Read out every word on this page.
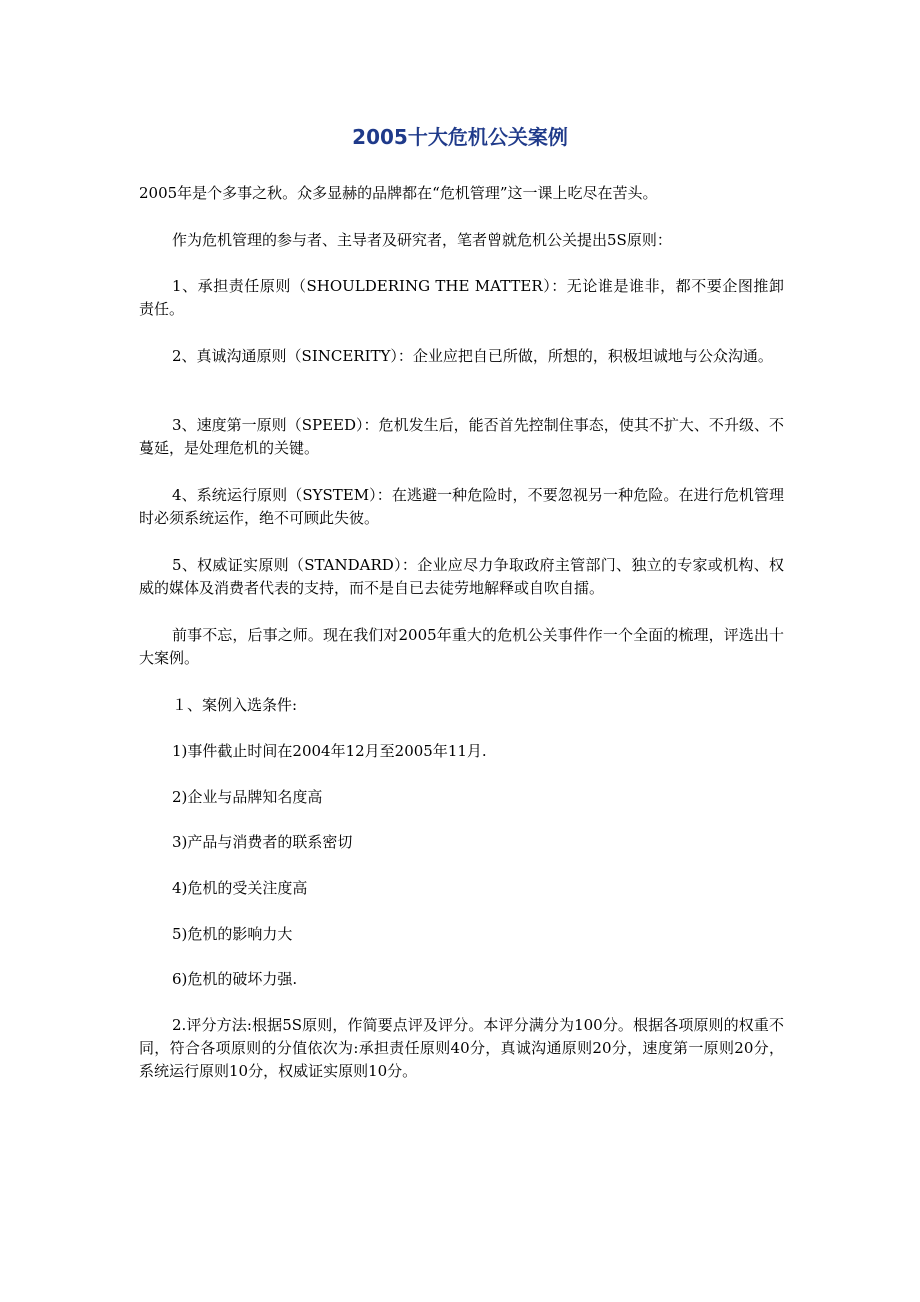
2005十大危机公关案例

2005年是个多事之秋。众多显赫的品牌都在“危机管理”这一课上吃尽在苦头。

作为危机管理的参与者、主导者及研究者，笔者曾就危机公关提出5S原则：

1、承担责任原则（SHOULDERING THE MATTER）：无论谁是谁非，都不要企图推卸责任。

2、真诚沟通原则（SINCERITY）：企业应把自已所做，所想的，积极坦诚地与公众沟通。

3、速度第一原则（SPEED）：危机发生后，能否首先控制住事态，使其不扩大、不升级、不蔓延，是处理危机的关键。

4、系统运行原则（SYSTEM）：在逃避一种危险时，不要忽视另一种危险。在进行危机管理时必须系统运作，绝不可顾此失彼。

5、权威证实原则（STANDARD）：企业应尽力争取政府主管部门、独立的专家或机构、权威的媒体及消费者代表的支持，而不是自已去徒劳地解释或自吹自擂。

前事不忘，后事之师。现在我们对2005年重大的危机公关事件作一个全面的梳理，评选出十大案例。

１、案例入选条件:

1)事件截止时间在2004年12月至2005年11月.

2)企业与品牌知名度高

3)产品与消费者的联系密切

4)危机的受关注度高

5)危机的影响力大

6)危机的破坏力强.

2.评分方法:根据5S原则，作简要点评及评分。本评分满分为100分。根据各项原则的权重不同，符合各项原则的分值依次为:承担责任原则40分，真诚沟通原则20分，速度第一原则20分，系统运行原则10分，权威证实原则10分。
